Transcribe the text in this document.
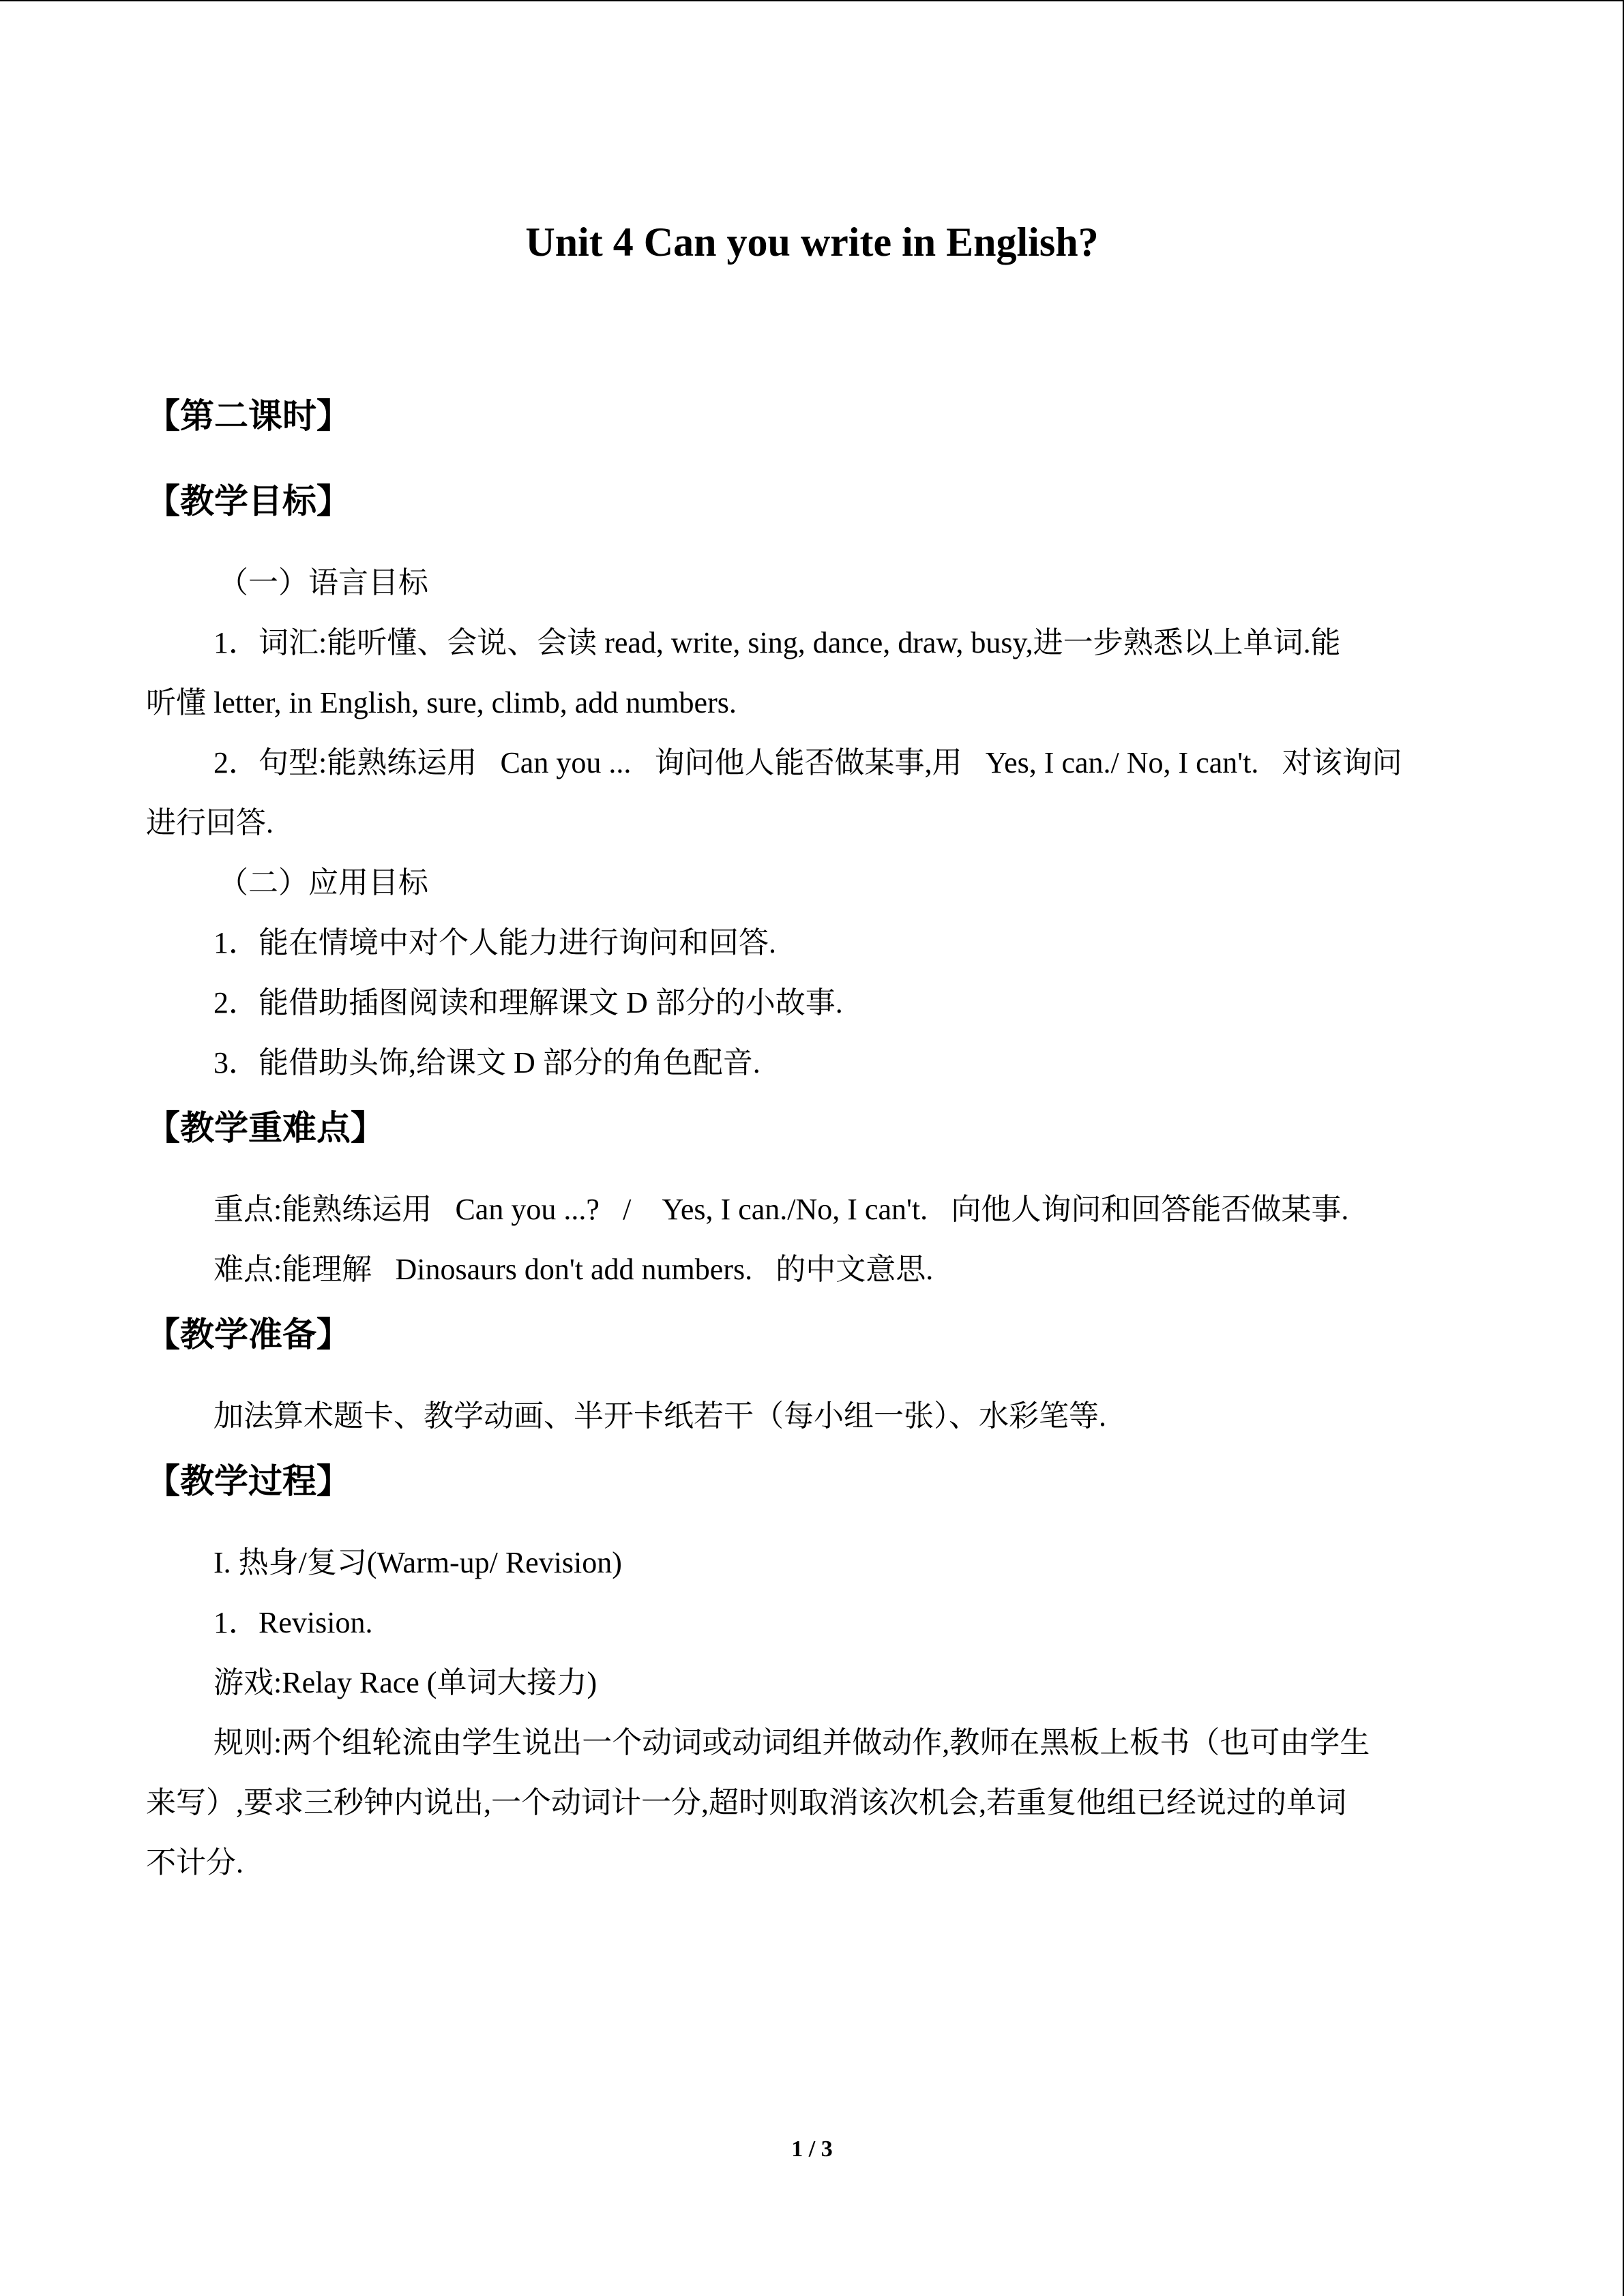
Unit 4 Can you write in English?
【第二课时】
【教学目标】
（一）语言目标
1．词汇:能听懂、会说、会读 read, write, sing, dance, draw, busy,进一步熟悉以上单词.能
听懂 letter, in English, sure, climb, add numbers.
2．句型:能熟练运用 Can you ... 询问他人能否做某事,用 Yes, I can./ No, I can't. 对该询问
进行回答.
（二）应用目标
1．能在情境中对个人能力进行询问和回答.
2．能借助插图阅读和理解课文 D 部分的小故事.
3．能借助头饰,给课文 D 部分的角色配音.
【教学重难点】
重点:能熟练运用 Can you ...? /  Yes, I can./No, I can't. 向他人询问和回答能否做某事.
难点:能理解 Dinosaurs don't add numbers. 的中文意思.
【教学准备】
加法算术题卡、教学动画、半开卡纸若干（每小组一张）、水彩笔等.
【教学过程】
I. 热身/复习(Warm-up/ Revision)
1．Revision.
游戏:Relay Race (单词大接力)
规则:两个组轮流由学生说出一个动词或动词组并做动作,教师在黑板上板书（也可由学生
来写）,要求三秒钟内说出,一个动词计一分,超时则取消该次机会,若重复他组已经说过的单词
不计分.
1 / 3
